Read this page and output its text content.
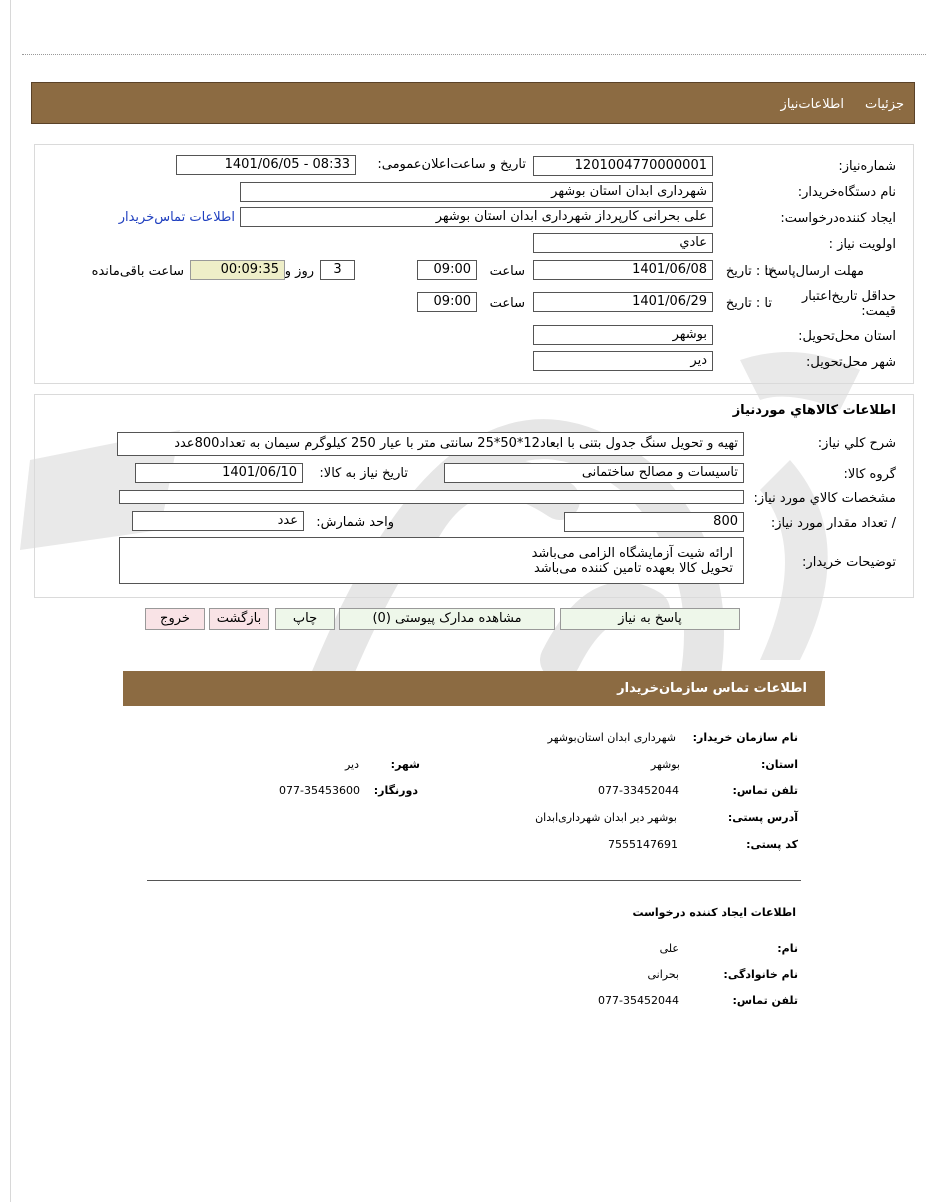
جزئیات
اطلاعات‌نیاز
شماره‌نیاز:
1201004770000001
تاریخ و ساعت‌اعلان‌عمومی:
1401/06/05 - 08:33
نام دستگاه‌خریدار:
شهرداری ابدان استان بوشهر
ایجاد کننده‌درخواست:
علی بحرانی کارپرداز شهرداری ابدان استان بوشهر
اطلاعات تماس‌خریدار
اولویت نیاز :
عادي
مهلت ارسال‌پاسخ:
تا : تاریخ
1401/06/08
ساعت
09:00
3
روز و
00:09:35
ساعت باقی‌مانده
حداقل تاریخ‌اعتبار قیمت:
تا : تاریخ
1401/06/29
ساعت
09:00
استان محل‌تحویل:
بوشهر
شهر محل‌تحویل:
دیر
اطلاعات کالاهاي موردنياز
شرح کلي نياز:
تهیه و تحویل سنگ جدول بتنی با ابعاد12*50*25 سانتی متر با عیار 250 کیلوگرم سیمان به تعداد800عدد
گروه کالا:
تاسیسات و مصالح ساختمانی
تاریخ نیاز به کالا:
1401/06/10
مشخصات کالاي مورد نياز:
/ تعداد مقدار مورد نیاز:
800
واحد شمارش:
عدد
توضیحات خریدار:
ارائه شیت آزمایشگاه الزامی می‌باشد
تحویل کالا بعهده تامین کننده می‌باشد
پاسخ به نیاز
مشاهده مدارک پیوستی (0)
چاپ
بازگشت
خروج
اطلاعات تماس سازمان‌خریدار
نام سازمان خریدار:
شهرداری ابدان استان‌بوشهر
استان:
بوشهر
شهر:
دیر
تلفن تماس:
077-33452044
دورنگار:
077-35453600
آدرس پستی:
بوشهر دیر ابدان شهرداری‌ابدان
کد پستی:
7555147691
اطلاعات ایجاد کننده درخواست
نام:
علی
نام خانوادگی:
بحرانی
تلفن تماس:
077-35452044
